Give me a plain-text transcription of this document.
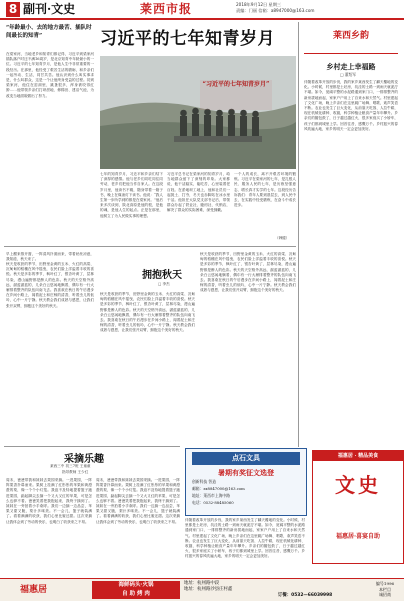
8 副刊·文史	莱西市报	2018年9月12日 星期三
责编：门丽 信箱：a8947000@163.com
“年龄最小、去的地方最苦、插队时间最长的知青”
在梁家河，当地老乡和知青们都记得，习近平到梁家河插队落户时还不满16周岁，是北京知青中年龄最小的一位。习近平的七年知青岁月，是他人生中非常重要的一段经历。在那里，他经受了艰苦生活的磨砺，和乡亲们一起劳动、生活，同甘共苦。他认识到什么叫实事求是，什么叫群众，这是一个让他终身受益的过程。初到梁家河，他住在窑洞里，跳蚤很多，浑身被咬得红肿……他带领乡亲们打坝淤地、修梯田、建沼气池，为改变当地面貌做出了努力。
习近平的七年知青岁月
“习近平的七年知青岁月”
七年的知青岁月，习近平和乡亲们结下了深厚的感情。他与老乡们同吃同住同劳动，老乡们把他当作自家人。在这段岁月里，他读书不辍，随身带着一箱子书，晚上在煤油灯下读书。他说：“我人生第一步所学到的都是在梁家河。”他后来多次谈到，陕北高原是他的根，是他的魂，是他人生的起点。正是在那里，他树立了为人民做实事的理想。
习近平总书记在梁家河的知青岁月，给当地群众留下了深刻的印象。大家都说，他干活踏实，能吃苦，心里装着老百姓。在淤地坝工地上，他和社员们一起挑土、打夯，冬天也赤脚站在冰水里干活。他担任大队党支部书记后，带领群众办起了铁业社、缝纫社、代销店，解决了群众的实际困难，深受拥戴。
一个人的成长，离不开艰苦环境的锻炼。习近平在梁家河的七年，是扎根人民、服务人民的七年，是历练坚强意志、增长真才实学的七年。这段经历告诉我们：青年人要到基层去，到人民中去，在实践中经受磨炼，在奋斗中成长进步。
（韩健）
莱西乡韵
乡村走上幸福路
□ 董绍军
伴随着改革开放的步伐，我的家乡莱西发生了翻天覆地的变化。小时候，村里都是土坯房，坑洼的土路一到雨天就泥泞不堪。如今，宽阔平整的水泥路通到家门口，一排排整齐的新房拔地而起，家家户户用上了自来水和天然气。村里建起了文化广场，晚上乡亲们在这里跳广场舞、唱歌，欢声笑语不断。农业也发生了巨大变化，从前靠天吃饭、人拉牛耕，现在机械化耕种、收割，科学种植让粮食产量年年攀升。乡亲们的腰包鼓了，日子越过越红火，很多家庭买了小轿车，孩子们都到城里上学。回首往昔，感慨万千。乡村振兴的春风吹遍大地，家乡的明天一定会更加美好。
早上醒来推开窗，一阵清风扑面而来，带着丝丝凉意，我知道，秋天来了。
秋天是收获的季节，田野里金黄的玉米、火红的高粱、沉甸甸的稻穗在风中摇曳，农民们脸上洋溢着丰收的喜悦。秋天是多彩的季节，枫叶红了，银杏叶黄了，层林尽染，漫山遍野都是醉人的色彩。秋天的天空格外高远，湛蓝湛蓝的，几朵白云悠闲地飘着，偶尔有一行大雁排着整齐的队伍向南飞去。我喜欢在秋日的午后漫步在乡间小路上，闻着泥土和庄稼的清香，听着虫儿的低吟，心中一片宁静。秋天教会我们成熟与感恩，让我们张开双臂，拥抱这个美好的秋天。
拥抱秋天
□ 李杰
秋天是收获的季节，田野里金黄的玉米、火红的高粱、沉甸甸的稻穗在风中摇曳，农民们脸上洋溢着丰收的喜悦。秋天是多彩的季节，枫叶红了，银杏叶黄了，层林尽染，漫山遍野都是醉人的色彩。秋天的天空格外高远，湛蓝湛蓝的，几朵白云悠闲地飘着，偶尔有一行大雁排着整齐的队伍向南飞去。我喜欢在秋日的午后漫步在乡间小路上，闻着泥土和庄稼的清香，听着虫儿的低吟，心中一片宁静。秋天教会我们成熟与感恩，让我们张开双臂，拥抱这个美好的秋天。
秋天是收获的季节，田野里金黄的玉米、火红的高粱、沉甸甸的稻穗在风中摇曳，农民们脸上洋溢着丰收的喜悦。秋天是多彩的季节，枫叶红了，银杏叶黄了，层林尽染，漫山遍野都是醉人的色彩。秋天的天空格外高远，湛蓝湛蓝的，几朵白云悠闲地飘着，偶尔有一行大雁排着整齐的队伍向南飞去。我喜欢在秋日的午后漫步在乡间小路上，闻着泥土和庄稼的清香，听着虫儿的低吟，心中一片宁静。秋天教会我们成熟与感恩，让我们张开双臂，拥抱这个美好的秋天。
采摘乐趣
莱西三中 初三7班 王童童
指导教师 王少红
周末，爸爸带我和妹妹去果园采摘。一进果园，一阵阵果香扑鼻而来。果树上挂满了红彤彤的苹果和黄澄澄的梨，像一个个小灯笼。我迫不及待地提着篮子跑进果园，踮起脚尖去摘一个又大又红的苹果，可是怎么也够不着。爸爸笑着把我抱起来，我终于摘到了。妹妹在一旁拍着小手欢呼。我们一边摘一边品尝，苹果又甜又脆，梨汁多味美。不一会儿，篮子就装满了。看着满满的收获，我们心里比蜜还甜。这次采摘让我体会到了劳动的快乐，也明白了收获来之不易。
周末，爸爸带我和妹妹去果园采摘。一进果园，一阵阵果香扑鼻而来。果树上挂满了红彤彤的苹果和黄澄澄的梨，像一个个小灯笼。我迫不及待地提着篮子跑进果园，踮起脚尖去摘一个又大又红的苹果，可是怎么也够不着。爸爸笑着把我抱起来，我终于摘到了。妹妹在一旁拍着小手欢呼。我们一边摘一边品尝，苹果又甜又脆，梨汁多味美。不一会儿，篮子就装满了。看着满满的收获，我们心里比蜜还甜。这次采摘让我体会到了劳动的快乐，也明白了收获来之不易。
点石文具
暑期有奖征文选登
创新科技 智造
邮箱：zx8847000@163.com
地址：莱西市上海中路
电话：0532-88485060
伴随着改革开放的步伐，我的家乡莱西发生了翻天覆地的变化。小时候，村里都是土坯房，坑洼的土路一到雨天就泥泞不堪。如今，宽阔平整的水泥路通到家门口，一排排整齐的新房拔地而起，家家户户用上了自来水和天然气。村里建起了文化广场，晚上乡亲们在这里跳广场舞、唱歌，欢声笑语不断。农业也发生了巨大变化，从前靠天吃饭、人拉牛耕，现在机械化耕种、收割，科学种植让粮食产量年年攀升。乡亲们的腰包鼓了，日子越过越红火，很多家庭买了小轿车，孩子们都到城里上学。回首往昔，感慨万千。乡村振兴的春风吹遍大地，家乡的明天一定会更加美好。
福惠居 · 精品美食
文史
福惠居·喜宴自助
福惠居	海鲜码头·火锅
自 助 烤 肉
地址：杭州路中段
地址：杭州路沙县庄村鑫
订餐：0532—66039998
编号1996
本栏目
诚招商
